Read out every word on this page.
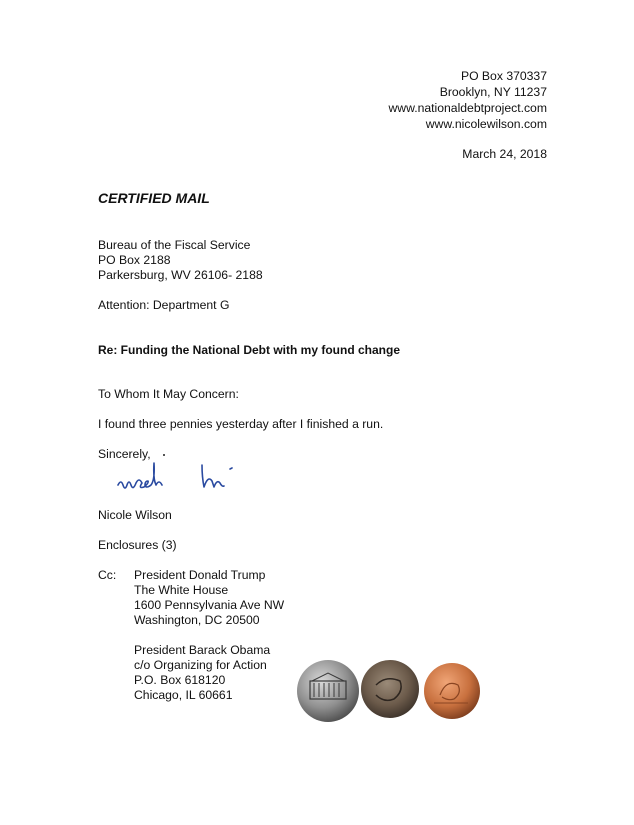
PO Box 370337
Brooklyn, NY 11237
www.nationaldebtproject.com
www.nicolewilson.com
March 24, 2018
CERTIFIED MAIL
Bureau of the Fiscal Service
PO Box 2188
Parkersburg, WV 26106- 2188
Attention: Department G
Re: Funding the National Debt with my found change
To Whom It May Concern:
I found three pennies yesterday after I finished a run.
Sincerely,
Nicole Wilson
Enclosures (3)
Cc: President Donald Trump
The White House
1600 Pennsylvania Ave NW
Washington, DC 20500
President Barack Obama
c/o Organizing for Action
P.O. Box 618120
Chicago, IL 60661
